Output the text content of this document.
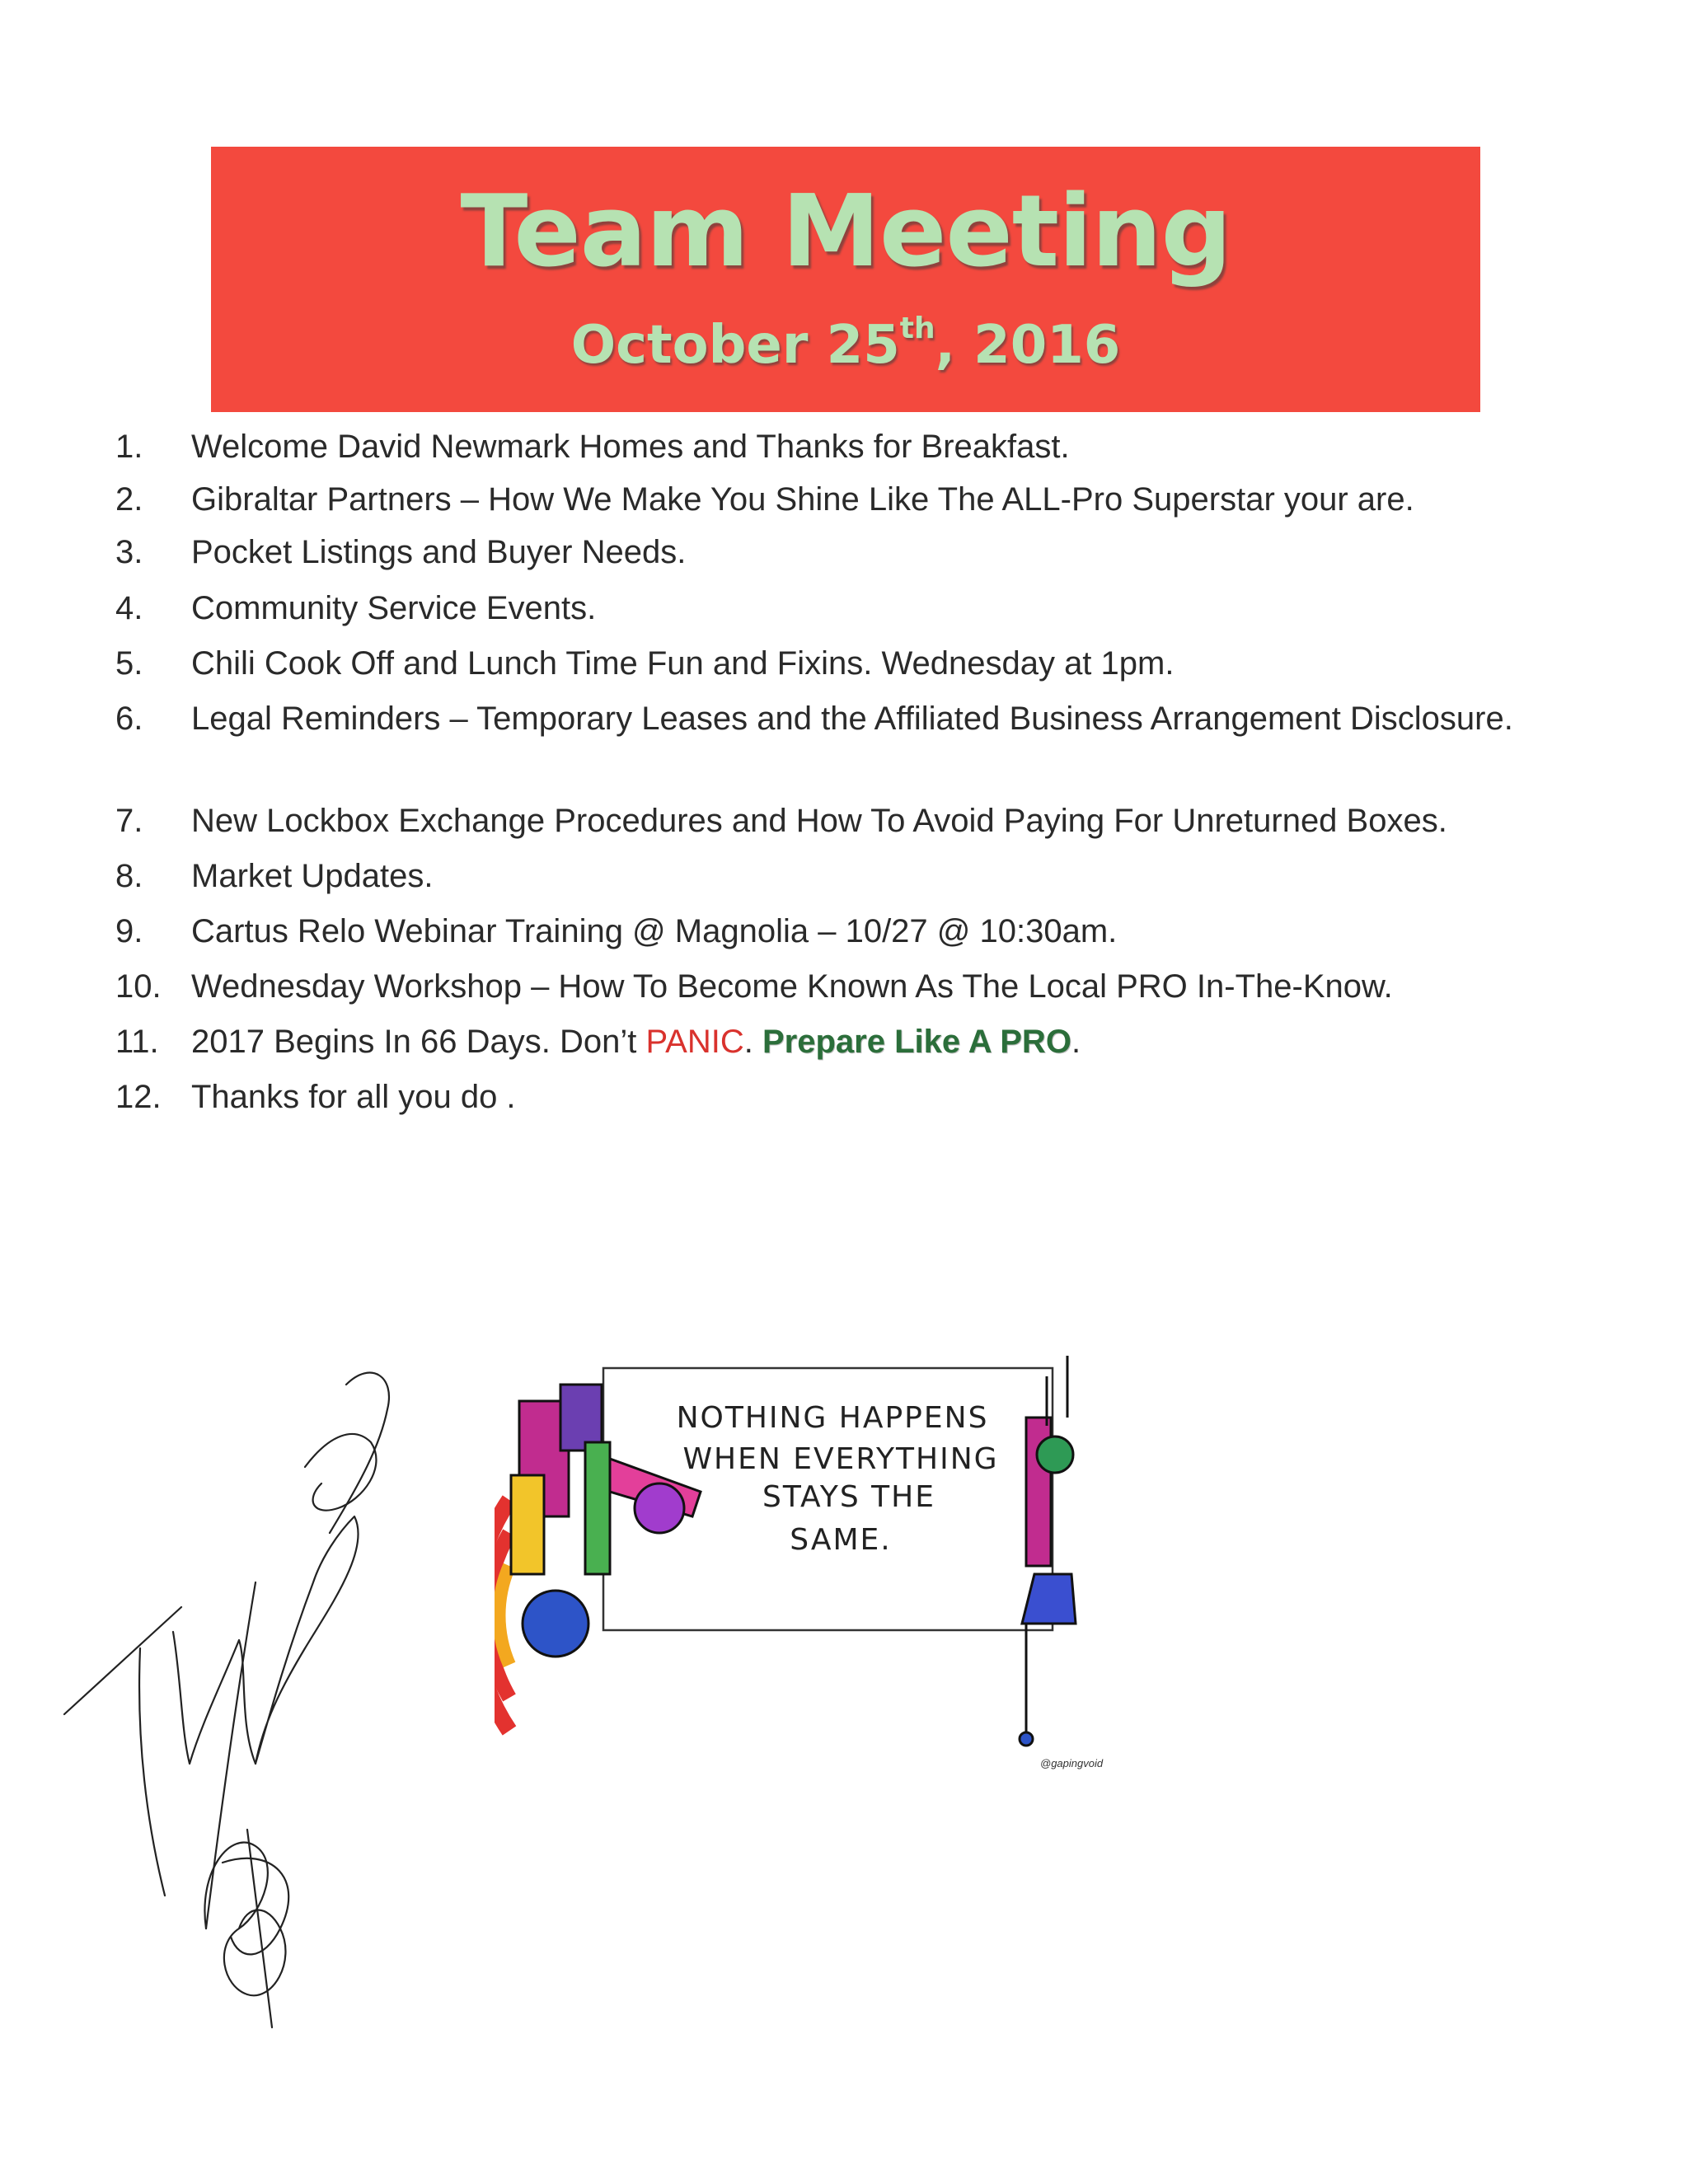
Team Meeting
October 25th, 2016
1.	Welcome David Newmark Homes and Thanks for Breakfast.
2.	Gibraltar Partners – How We Make You Shine Like The ALL-Pro Superstar your are.
3.	Pocket Listings and Buyer Needs.
4.	Community Service Events.
5.	Chili Cook Off and Lunch Time Fun and Fixins. Wednesday at 1pm.
6.	Legal Reminders – Temporary Leases and the Affiliated Business Arrangement Disclosure.
7.	New Lockbox Exchange Procedures and How To Avoid Paying For Unreturned Boxes.
8.	Market Updates.
9.	Cartus Relo Webinar Training @ Magnolia – 10/27 @ 10:30am.
10. Wednesday Workshop – How To Become Known As The Local PRO In-The-Know.
11. 2017 Begins In 66 Days. Don’t PANIC. Prepare Like A PRO.
12. Thanks for all you do .
NOTHING HAPPENS
WHEN EVERYTHING
STAYS THE
SAME.
@gapingvoid
